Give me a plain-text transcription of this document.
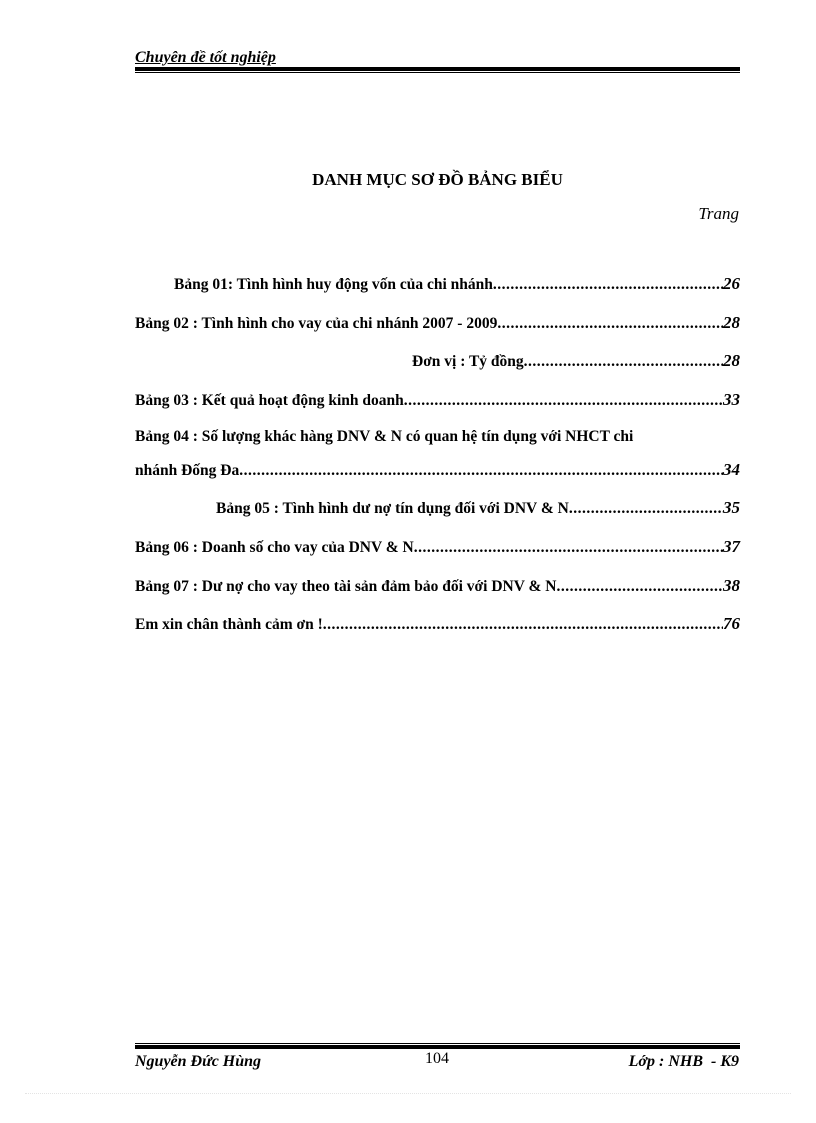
Chuyên đề tốt nghiệp
DANH MỤC SƠ ĐỒ BẢNG BIỂU
Trang
Bảng 01: Tình hình huy động vốn của chi nhánh .....	26
Bảng 02 : Tình hình cho vay của chi nhánh 2007 - 2009 .....	28
Đơn vị : Tỷ đồng .....	28
Bảng 03 : Kết quả hoạt động kinh doanh .....	33
Bảng 04 : Số lượng khác hàng DNV & N có quan hệ tín dụng với NHCT chi
nhánh Đống Đa .....	34
Bảng 05 : Tình hình dư nợ tín dụng đối với DNV & N .....	35
Bảng 06 : Doanh số cho vay của DNV & N .....	37
Bảng 07 : Dư nợ cho vay theo tài sản đảm bảo đối với DNV & N .....	38
Em xin chân thành cảm ơn ! .....	76
Nguyễn Đức Hùng	104	Lớp : NHB  - K9
